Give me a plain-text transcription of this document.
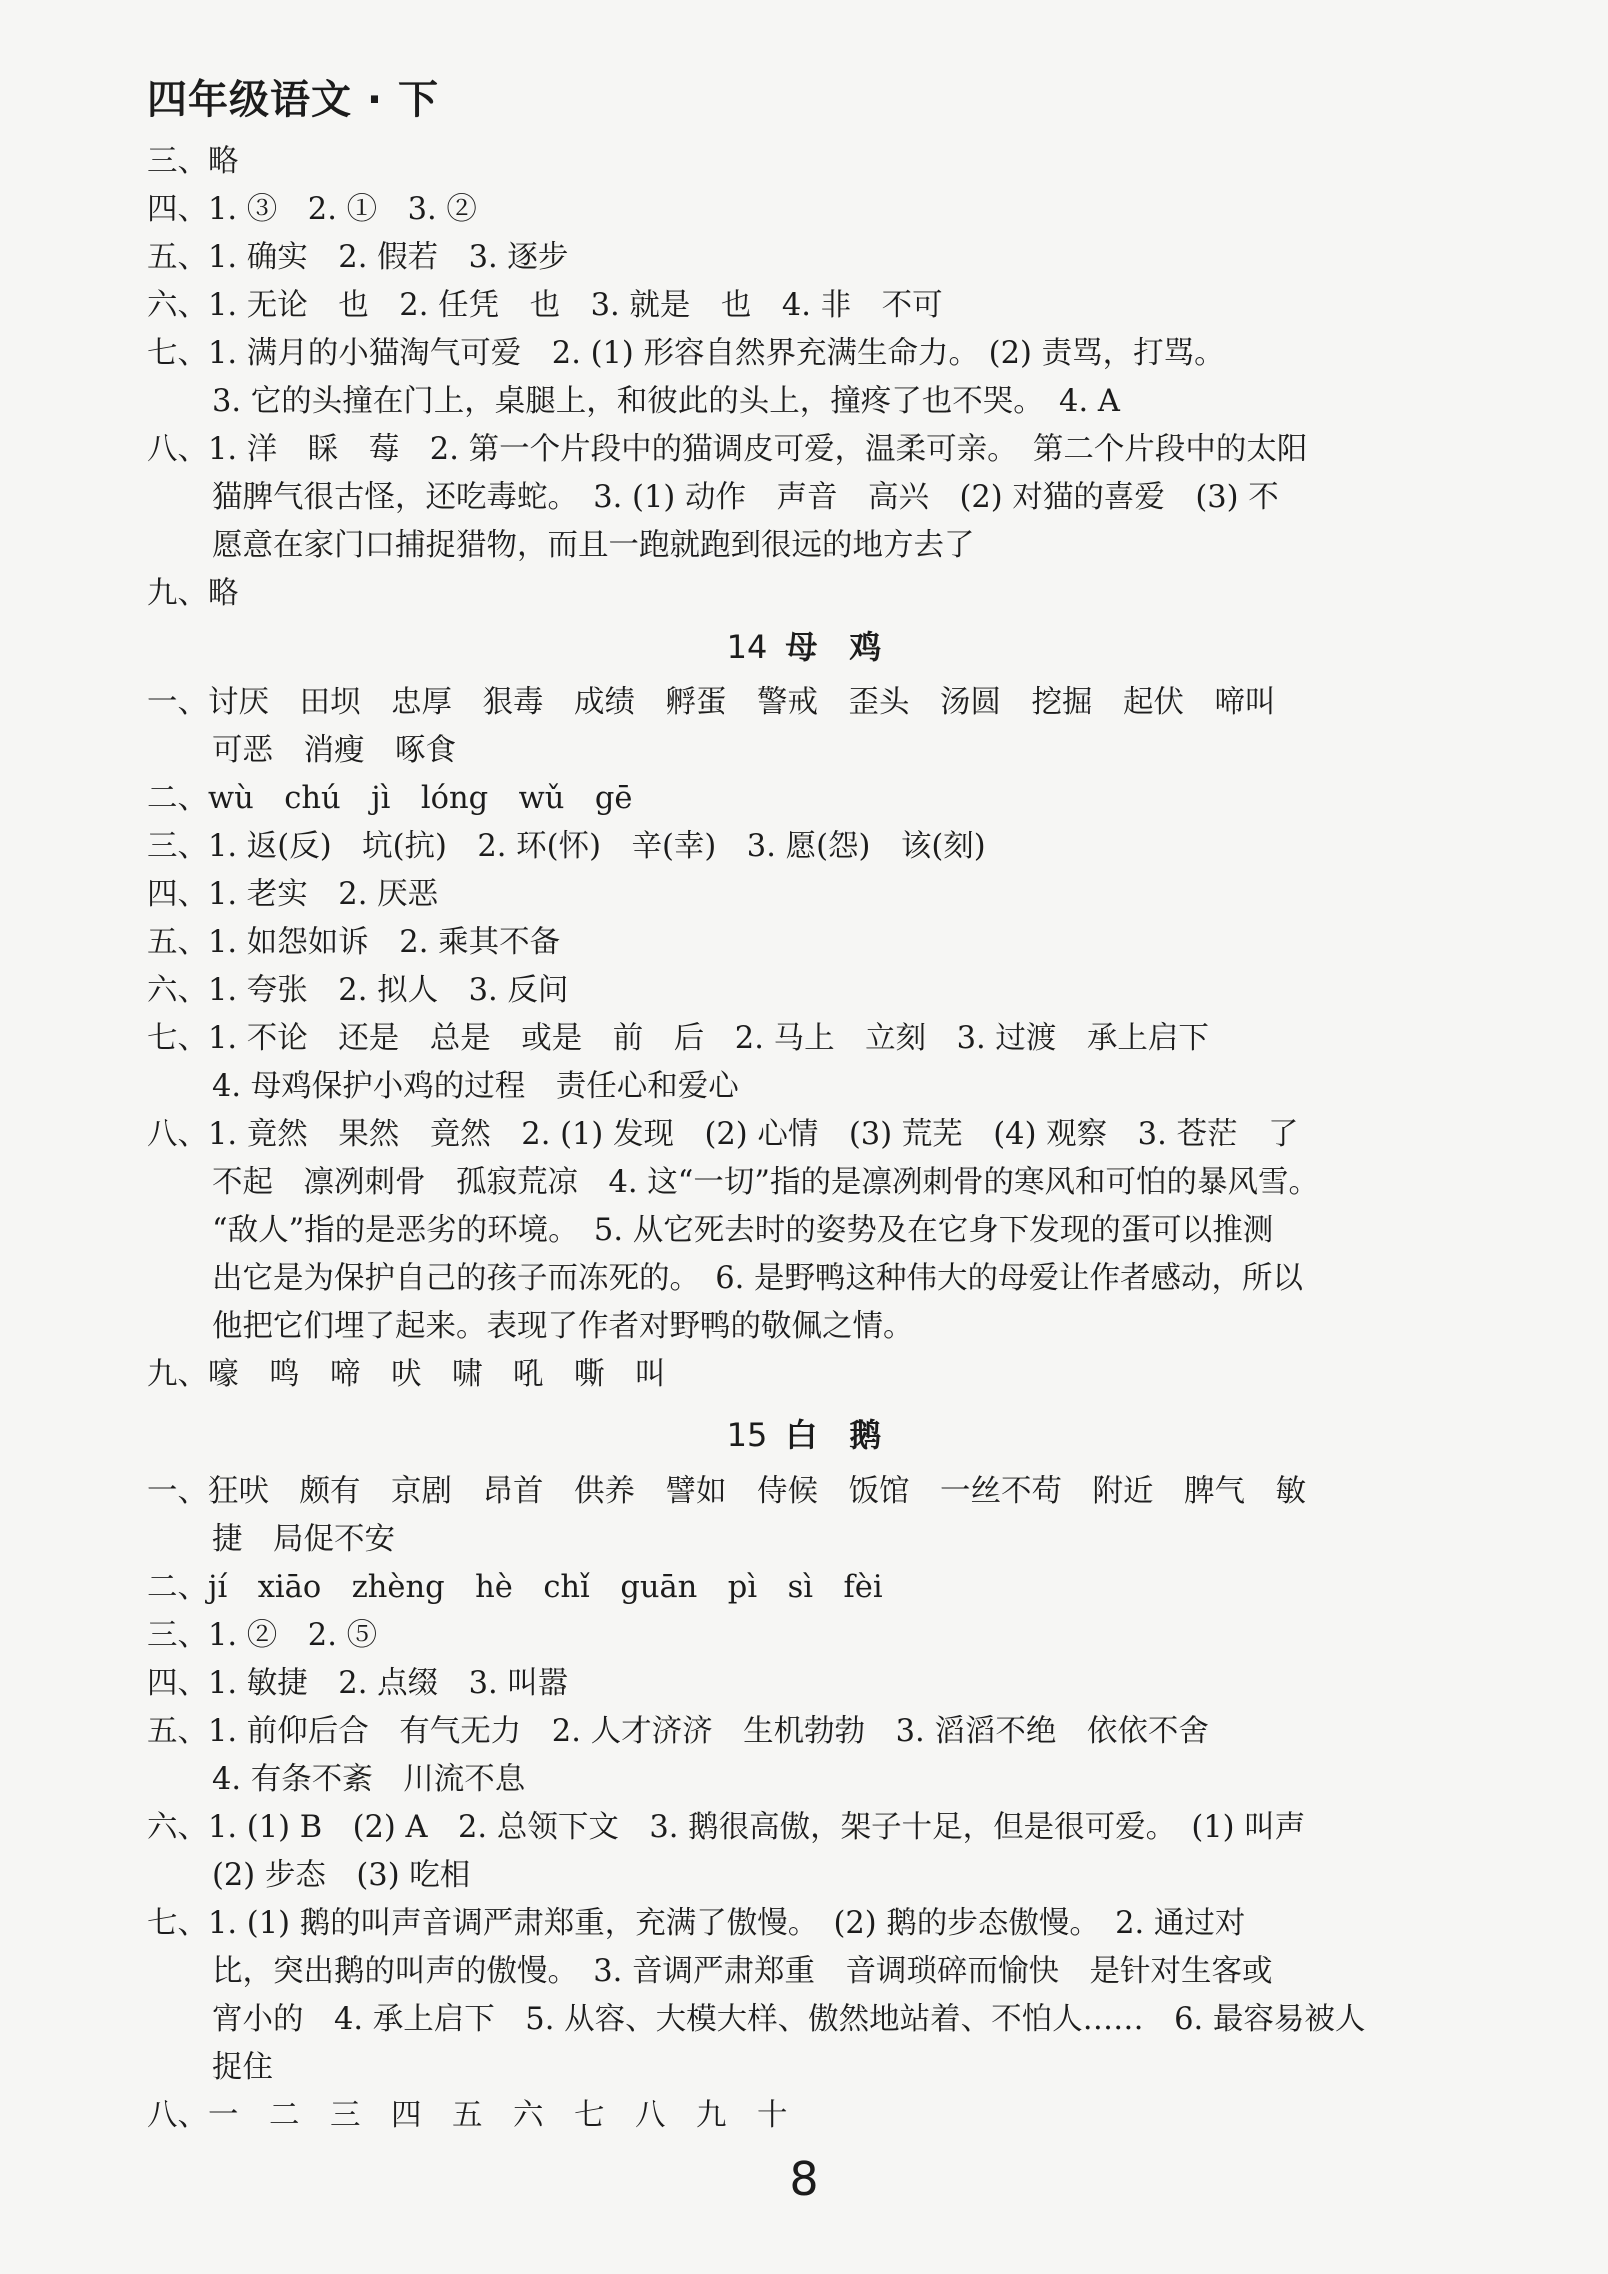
四年级语文 · 下
三、略
四、1. ③　2. ①　3. ②
五、1. 确实　2. 假若　3. 逐步
六、1. 无论　也　2. 任凭　也　3. 就是　也　4. 非　不可
七、1. 满月的小猫淘气可爱　2. (1) 形容自然界充满生命力。 (2) 责骂，打骂。
3. 它的头撞在门上，桌腿上，和彼此的头上，撞疼了也不哭。　4. A
八、1. 洋　睬　莓　2. 第一个片段中的猫调皮可爱，温柔可亲。　第二个片段中的太阳
猫脾气很古怪，还吃毒蛇。　3. (1) 动作　声音　高兴　(2) 对猫的喜爱　(3) 不
愿意在家门口捕捉猎物，而且一跑就跑到很远的地方去了
九、略
14 母　鸡
一、讨厌　田坝　忠厚　狠毒　成绩　孵蛋　警戒　歪头　汤圆　挖掘　起伏　啼叫
可恶　消瘦　啄食
二、wù　chú　jì　lóng　wǔ　gē
三、1. 返(反)　坑(抗)　2. 环(怀)　辛(幸)　3. 愿(怨)　该(刻)
四、1. 老实　2. 厌恶
五、1. 如怨如诉　2. 乘其不备
六、1. 夸张　2. 拟人　3. 反问
七、1. 不论　还是　总是　或是　前　后　2. 马上　立刻　3. 过渡　承上启下
4. 母鸡保护小鸡的过程　责任心和爱心
八、1. 竟然　果然　竟然　2. (1) 发现　(2) 心情　(3) 荒芜　(4) 观察　3. 苍茫　了
不起　凛冽刺骨　孤寂荒凉　4. 这“一切”指的是凛冽刺骨的寒风和可怕的暴风雪。
“敌人”指的是恶劣的环境。　5. 从它死去时的姿势及在它身下发现的蛋可以推测
出它是为保护自己的孩子而冻死的。　6. 是野鸭这种伟大的母爱让作者感动，所以
他把它们埋了起来。表现了作者对野鸭的敬佩之情。
九、嚎　鸣　啼　吠　啸　吼　嘶　叫
15 白　鹅
一、狂吠　颇有　京剧　昂首　供养　譬如　侍候　饭馆　一丝不苟　附近　脾气　敏
捷　局促不安
二、jí　xiāo　zhèng　hè　chǐ　guān　pì　sì　fèi
三、1. ②　2. ⑤
四、1. 敏捷　2. 点缀　3. 叫嚣
五、1. 前仰后合　有气无力　2. 人才济济　生机勃勃　3. 滔滔不绝　依依不舍
4. 有条不紊　川流不息
六、1. (1) B　(2) A　2. 总领下文　3. 鹅很高傲，架子十足，但是很可爱。　(1) 叫声
(2) 步态　(3) 吃相
七、1. (1) 鹅的叫声音调严肃郑重，充满了傲慢。　(2) 鹅的步态傲慢。　2. 通过对
比，突出鹅的叫声的傲慢。　3. 音调严肃郑重　音调琐碎而愉快　是针对生客或
宵小的　4. 承上启下　5. 从容、大模大样、傲然地站着、不怕人……　6. 最容易被人
捉住
八、一　二　三　四　五　六　七　八　九　十
8
